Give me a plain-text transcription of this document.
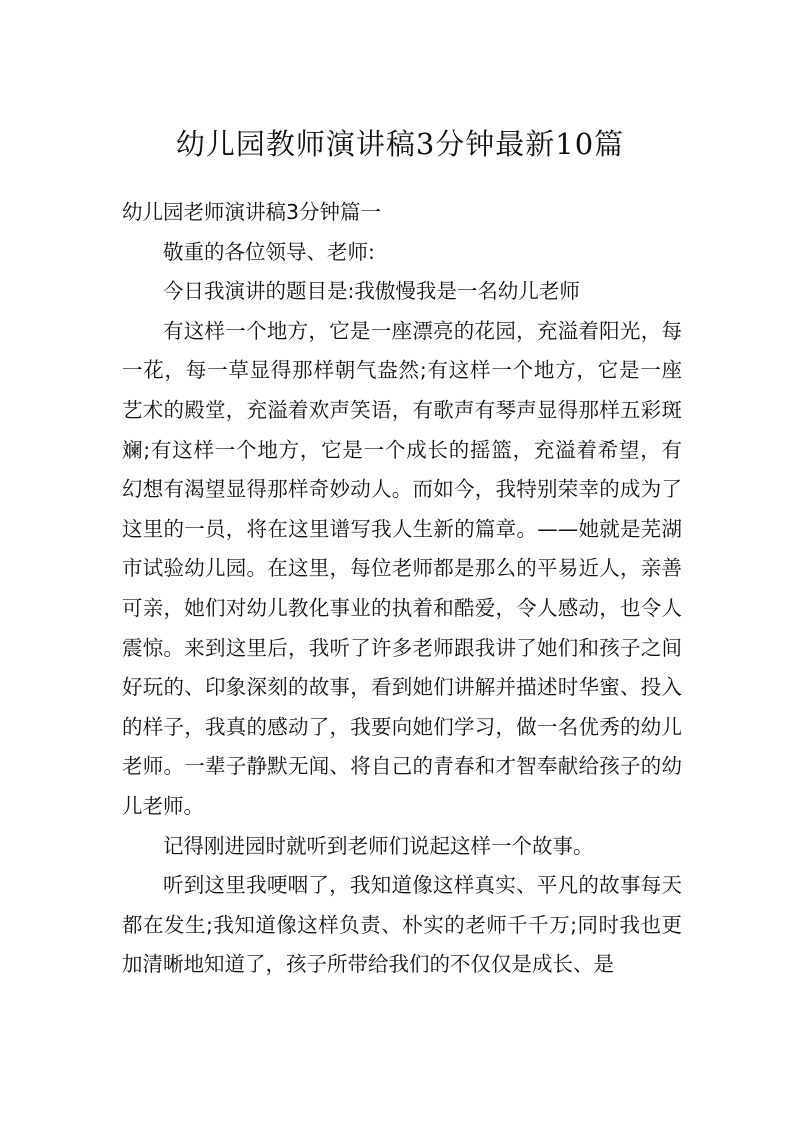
幼儿园教师演讲稿3分钟最新10篇

幼儿园老师演讲稿3分钟篇一

敬重的各位领导、老师:

今日我演讲的题目是:我傲慢我是一名幼儿老师

有这样一个地方，它是一座漂亮的花园，充溢着阳光，每一花，每一草显得那样朝气盎然;有这样一个地方，它是一座艺术的殿堂，充溢着欢声笑语，有歌声有琴声显得那样五彩斑斓;有这样一个地方，它是一个成长的摇篮，充溢着希望，有幻想有渴望显得那样奇妙动人。而如今，我特别荣幸的成为了这里的一员，将在这里谱写我人生新的篇章。——她就是芜湖市试验幼儿园。在这里，每位老师都是那么的平易近人，亲善可亲，她们对幼儿教化事业的执着和酷爱，令人感动，也令人震惊。来到这里后，我听了许多老师跟我讲了她们和孩子之间好玩的、印象深刻的故事，看到她们讲解并描述时华蜜、投入的样子，我真的感动了，我要向她们学习，做一名优秀的幼儿老师。一辈子静默无闻、将自己的青春和才智奉献给孩子的幼儿老师。

记得刚进园时就听到老师们说起这样一个故事。

听到这里我哽咽了，我知道像这样真实、平凡的故事每天都在发生;我知道像这样负责、朴实的老师千千万;同时我也更加清晰地知道了，孩子所带给我们的不仅仅是成长、是
